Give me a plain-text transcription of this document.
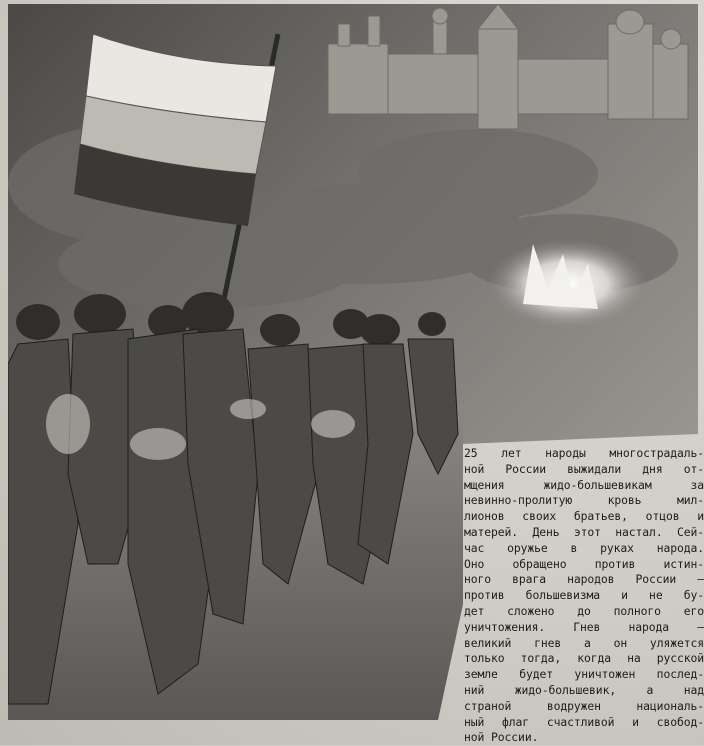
25 лет народы многострадаль-
ной России выжидали дня от-
мщения жидо-большевикам за
невинно-пролитую кровь мил-
лионов своих братьев, отцов и
матерей. День этот настал. Сей-
час оружье в руках народа.
Оно обращено против истин-
ного врага народов России —
против большевизма и не бу-
дет сложено до полного его
уничтожения. Гнев народа —
великий гнев а он уляжется
только тогда, когда на русской
земле будет уничтожен послед-
ний жидо-большевик, а над
страной водружен националь-
ный флаг счастливой и свобод-
ной России.
